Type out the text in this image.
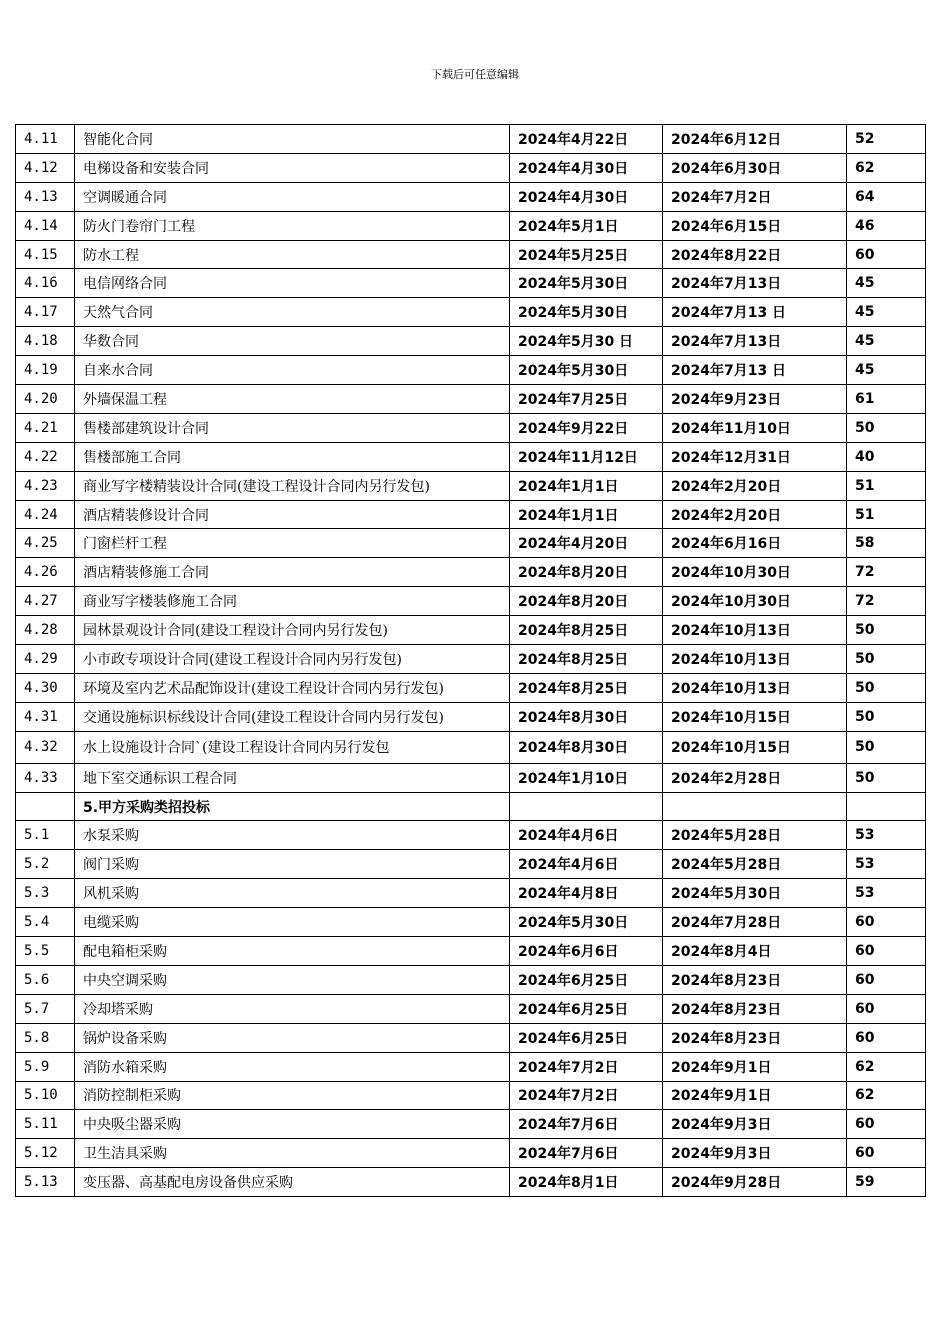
下载后可任意编辑
4.11	智能化合同	2024年4月22日	2024年6月12日	52
4.12	电梯设备和安装合同	2024年4月30日	2024年6月30日	62
4.13	空调暖通合同	2024年4月30日	2024年7月2日	64
4.14	防火门卷帘门工程	2024年5月1日	2024年6月15日	46
4.15	防水工程	2024年5月25日	2024年8月22日	60
4.16	电信网络合同	2024年5月30日	2024年7月13日	45
4.17	天然气合同	2024年5月30日	2024年7月13 日	45
4.18	华数合同	2024年5月30 日	2024年7月13日	45
4.19	自来水合同	2024年5月30日	2024年7月13 日	45
4.20	外墙保温工程	2024年7月25日	2024年9月23日	61
4.21	售楼部建筑设计合同	2024年9月22日	2024年11月10日	50
4.22	售楼部施工合同	2024年11月12日	2024年12月31日	40
4.23	商业写字楼精装设计合同(建设工程设计合同内另行发包)	2024年1月1日	2024年2月20日	51
4.24	酒店精装修设计合同	2024年1月1日	2024年2月20日	51
4.25	门窗栏杆工程	2024年4月20日	2024年6月16日	58
4.26	酒店精装修施工合同	2024年8月20日	2024年10月30日	72
4.27	商业写字楼装修施工合同	2024年8月20日	2024年10月30日	72
4.28	园林景观设计合同(建设工程设计合同内另行发包)	2024年8月25日	2024年10月13日	50
4.29	小市政专项设计合同(建设工程设计合同内另行发包)	2024年8月25日	2024年10月13日	50
4.30	环境及室内艺术品配饰设计(建设工程设计合同内另行发包)	2024年8月25日	2024年10月13日	50
4.31	交通设施标识标线设计合同(建设工程设计合同内另行发包)	2024年8月30日	2024年10月15日	50
4.32	水上设施设计合同`(建设工程设计合同内另行发包	2024年8月30日	2024年10月15日	50
4.33	地下室交通标识工程合同	2024年1月10日	2024年2月28日	50
	5.甲方采购类招投标			
5.1	水泵采购	2024年4月6日	2024年5月28日	53
5.2	阀门采购	2024年4月6日	2024年5月28日	53
5.3	风机采购	2024年4月8日	2024年5月30日	53
5.4	电缆采购	2024年5月30日	2024年7月28日	60
5.5	配电箱柜采购	2024年6月6日	2024年8月4日	60
5.6	中央空调采购	2024年6月25日	2024年8月23日	60
5.7	冷却塔采购	2024年6月25日	2024年8月23日	60
5.8	锅炉设备采购	2024年6月25日	2024年8月23日	60
5.9	消防水箱采购	2024年7月2日	2024年9月1日	62
5.10	消防控制柜采购	2024年7月2日	2024年9月1日	62
5.11	中央吸尘器采购	2024年7月6日	2024年9月3日	60
5.12	卫生洁具采购	2024年7月6日	2024年9月3日	60
5.13	变压器、高基配电房设备供应采购	2024年8月1日	2024年9月28日	59
